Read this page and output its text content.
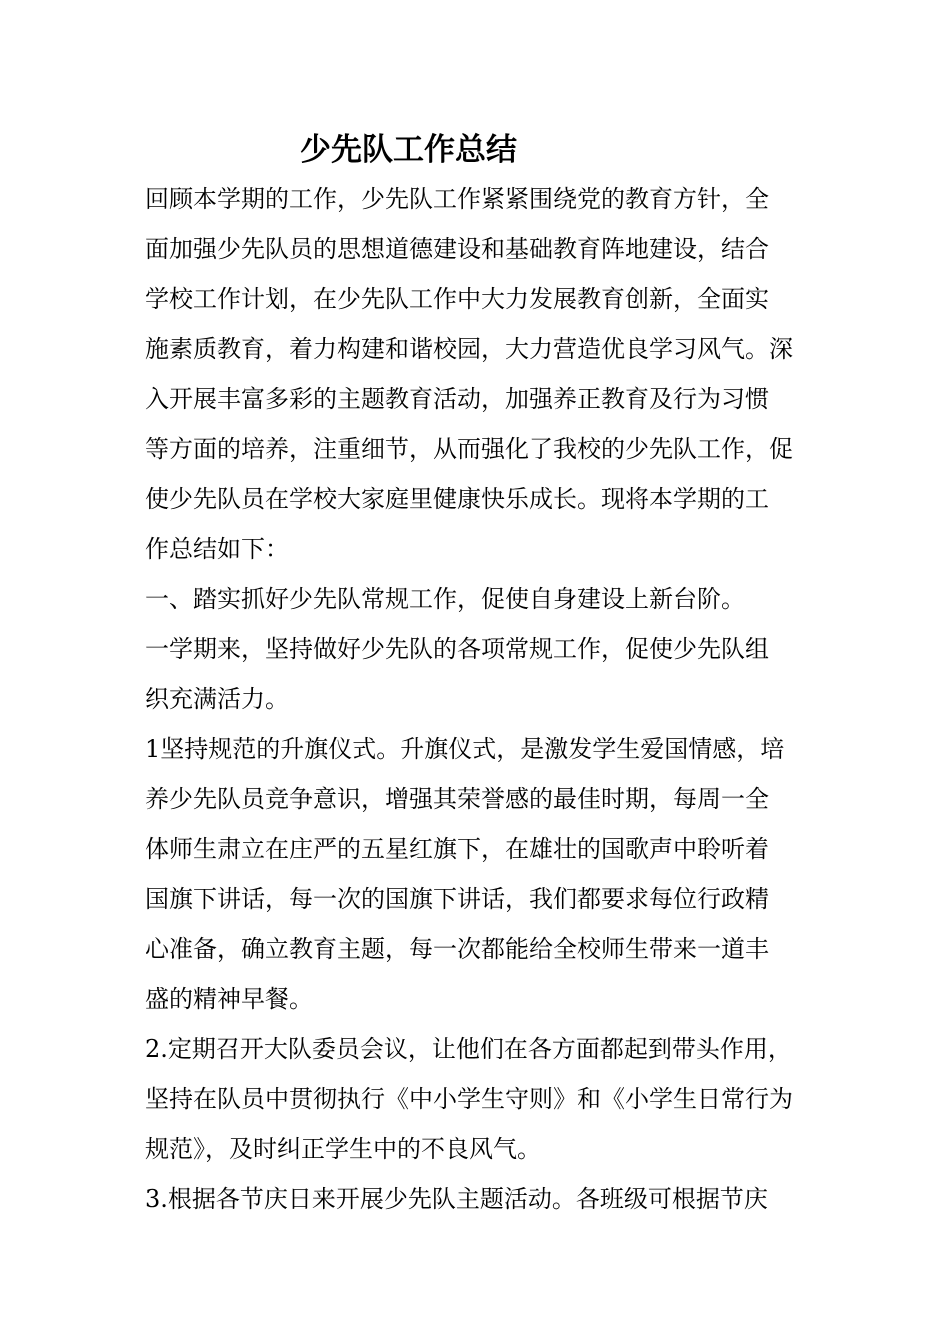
少先队工作总结
回顾本学期的工作，少先队工作紧紧围绕党的教育方针，全
面加强少先队员的思想道德建设和基础教育阵地建设，结合
学校工作计划，在少先队工作中大力发展教育创新，全面实
施素质教育，着力构建和谐校园，大力营造优良学习风气。深
入开展丰富多彩的主题教育活动，加强养正教育及行为习惯
等方面的培养，注重细节，从而强化了我校的少先队工作，促
使少先队员在学校大家庭里健康快乐成长。现将本学期的工
作总结如下：
一、踏实抓好少先队常规工作，促使自身建设上新台阶。
一学期来，坚持做好少先队的各项常规工作，促使少先队组
织充满活力。
1坚持规范的升旗仪式。升旗仪式，是激发学生爱国情感，培
养少先队员竞争意识，增强其荣誉感的最佳时期，每周一全
体师生肃立在庄严的五星红旗下，在雄壮的国歌声中聆听着
国旗下讲话，每一次的国旗下讲话，我们都要求每位行政精
心准备，确立教育主题，每一次都能给全校师生带来一道丰
盛的精神早餐。
2.定期召开大队委员会议，让他们在各方面都起到带头作用，
坚持在队员中贯彻执行《中小学生守则》和《小学生日常行为
规范》，及时纠正学生中的不良风气。
3.根据各节庆日来开展少先队主题活动。各班级可根据节庆
